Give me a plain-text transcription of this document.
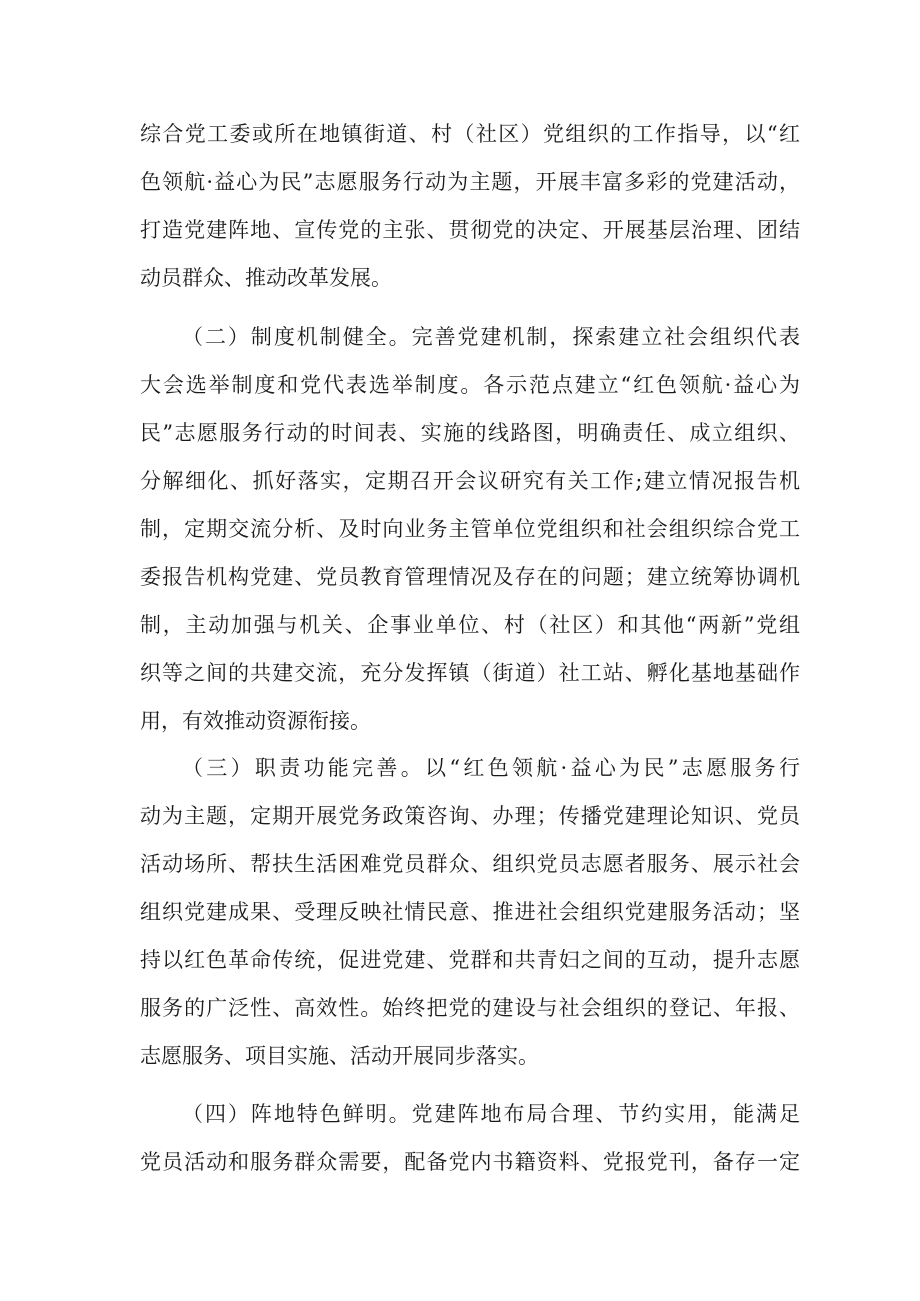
综合党工委或所在地镇街道、村（社区）党组织的工作指导，以“红

色领航·益心为民”志愿服务行动为主题，开展丰富多彩的党建活动，

打造党建阵地、宣传党的主张、贯彻党的决定、开展基层治理、团结

动员群众、推动改革发展。

（二）制度机制健全。完善党建机制，探索建立社会组织代表

大会选举制度和党代表选举制度。各示范点建立“红色领航·益心为

民”志愿服务行动的时间表、实施的线路图，明确责任、成立组织、

分解细化、抓好落实，定期召开会议研究有关工作;建立情况报告机

制，定期交流分析、及时向业务主管单位党组织和社会组织综合党工

委报告机构党建、党员教育管理情况及存在的问题；建立统筹协调机

制，主动加强与机关、企事业单位、村（社区）和其他“两新”党组

织等之间的共建交流，充分发挥镇（街道）社工站、孵化基地基础作

用，有效推动资源衔接。

（三）职责功能完善。以“红色领航·益心为民”志愿服务行

动为主题，定期开展党务政策咨询、办理；传播党建理论知识、党员

活动场所、帮扶生活困难党员群众、组织党员志愿者服务、展示社会

组织党建成果、受理反映社情民意、推进社会组织党建服务活动；坚

持以红色革命传统，促进党建、党群和共青妇之间的互动，提升志愿

服务的广泛性、高效性。始终把党的建设与社会组织的登记、年报、

志愿服务、项目实施、活动开展同步落实。

（四）阵地特色鲜明。党建阵地布局合理、节约实用，能满足

党员活动和服务群众需要，配备党内书籍资料、党报党刊，备存一定
